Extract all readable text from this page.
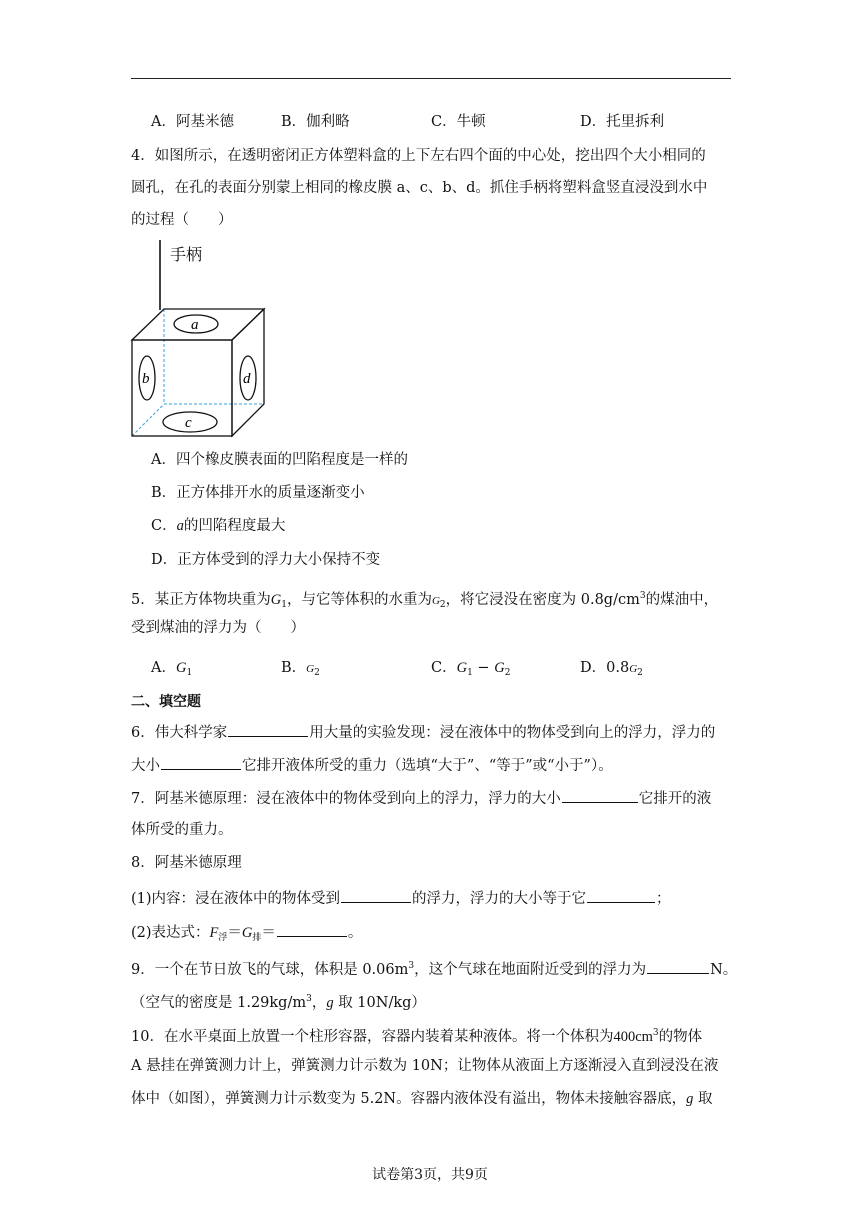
A．阿基米德	B．伽利略	C．牛顿	D．托里拆利
4．如图所示，在透明密闭正方体塑料盒的上下左右四个面的中心处，挖出四个大小相同的
圆孔，在孔的表面分别蒙上相同的橡皮膜 a、c、b、d。抓住手柄将塑料盒竖直浸没到水中
的过程（　　）
手柄
a
b
c
d
A．四个橡皮膜表面的凹陷程度是一样的
B．正方体排开水的质量逐渐变小
C．a的凹陷程度最大
D．正方体受到的浮力大小保持不变
5．某正方体物块重为$G_1$，与它等体积的水重为$G_2$，将它浸没在密度为 $0.8g/cm^3$的煤油中，
受到煤油的浮力为（　　）
A．$G_1$	B．$G_2$	C．$G_1 - G_2$	D．$0.8G_2$
二、填空题
6．伟大科学家	用大量的实验发现：浸在液体中的物体受到向上的浮力，浮力的
大小	它排开液体所受的重力（选填“大于”、“等于”或“小于”）。
7．阿基米德原理：浸在液体中的物体受到向上的浮力，浮力的大小	它排开的液
体所受的重力。
8．阿基米德原理
(1)内容：浸在液体中的物体受到	的浮力，浮力的大小等于它	；
(2)表达式：$F_浮=G_排=$	。
9．一个在节日放飞的气球，体积是 $0.06m^3$，这个气球在地面附近受到的浮力为	N。
（空气的密度是 $1.29kg/m^3$，g 取 10N/kg）
10．在水平桌面上放置一个柱形容器，容器内装着某种液体。将一个体积为$400cm^3$的物体
A 悬挂在弹簧测力计上，弹簧测力计示数为 10N；让物体从液面上方逐渐浸入直到浸没在液
体中（如图），弹簧测力计示数变为 5.2N。容器内液体没有溢出，物体未接触容器底，g 取
试卷第3页，共9页
